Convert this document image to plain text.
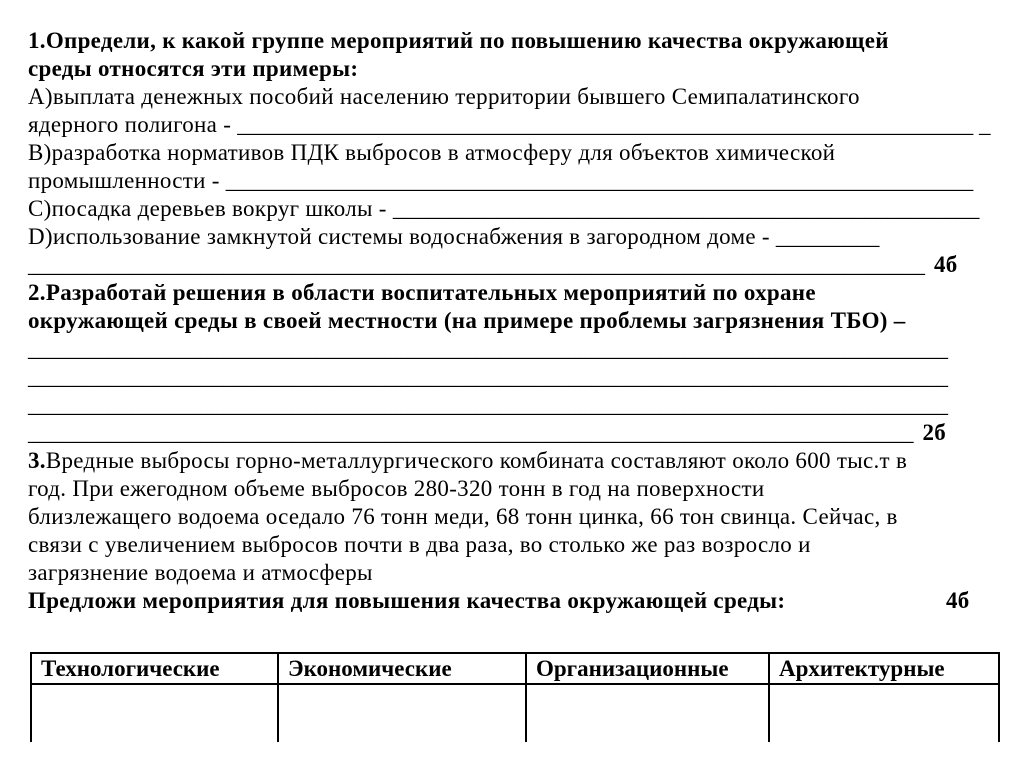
1.Определи, к какой группе мероприятий по повышению качества окружающей
среды относятся эти примеры:
А)выплата денежных пособий населению территории бывшего Семипалатинского
ядерного полигона - ________________________________________________________________ _
В)разработка нормативов ПДК выбросов в атмосферу для объектов химической
промышленности - _________________________________________________________________
С)посадка деревьев вокруг школы - ___________________________________________________
D)использование замкнутой системы водоснабжения в загородном доме - _________
______________________________________________________________________________ 4б
2.Разработай решения в области воспитательных мероприятий по охране
окружающей среды в своей местности (на примере проблемы загрязнения ТБО) –
________________________________________________________________________________
________________________________________________________________________________
________________________________________________________________________________
_____________________________________________________________________________ 2б
3.Вредные выбросы горно-металлургического комбината составляют около 600 тыс.т в
год. При ежегодном объеме выбросов 280-320 тонн в год на поверхности
близлежащего водоема оседало 76 тонн меди, 68 тонн цинка, 66 тон свинца. Сейчас, в
связи с увеличением выбросов почти в два раза, во столько же раз возросло и
загрязнение водоема и атмосферы
Предложи мероприятия для повышения качества окружающей среды:	4б
Технологические	Экономические	Организационные	Архитектурные
